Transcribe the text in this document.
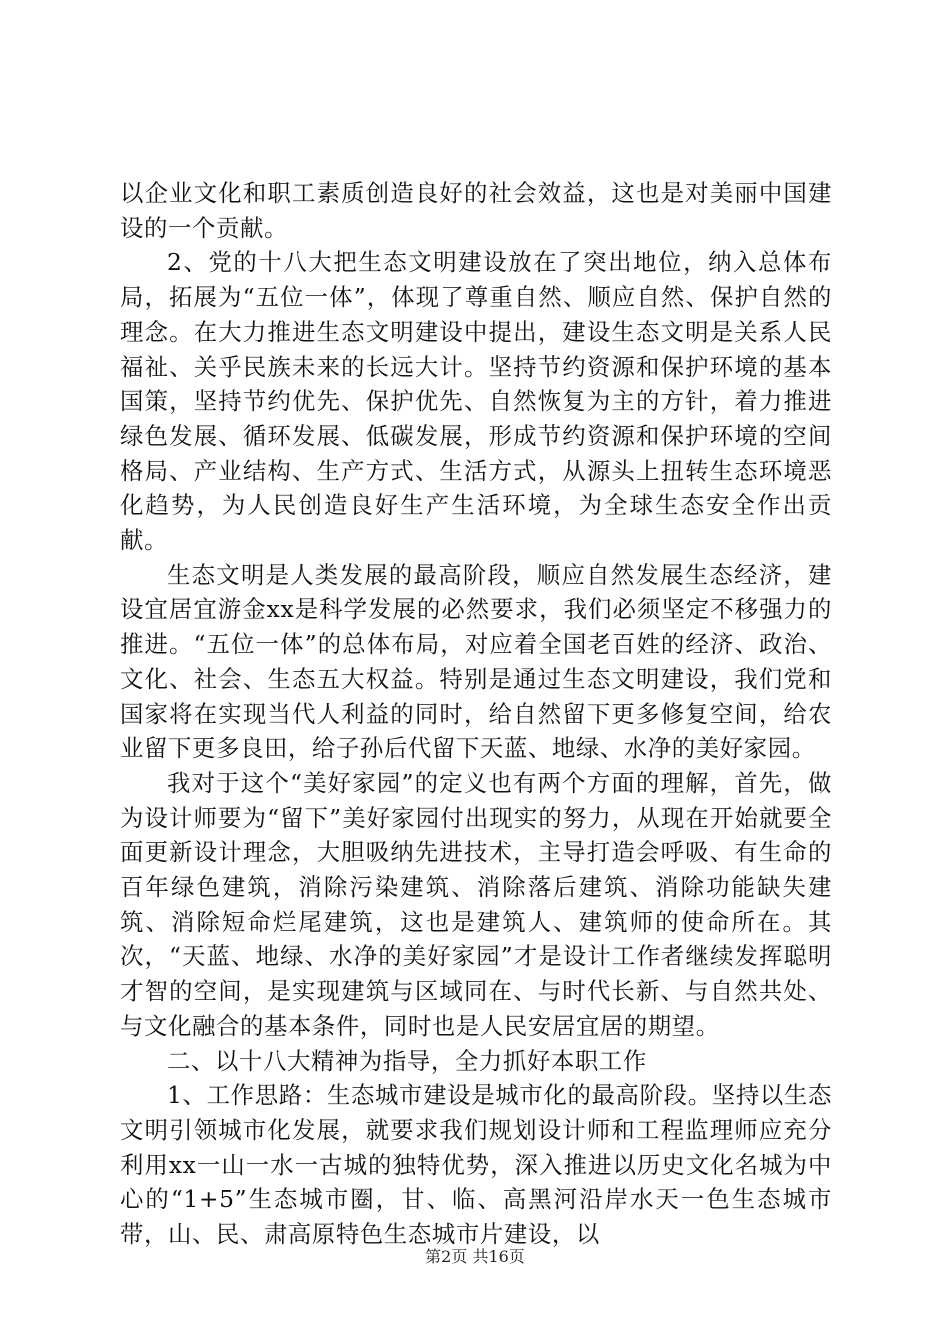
以企业文化和职工素质创造良好的社会效益，这也是对美丽中国建设的一个贡献。

2、党的十八大把生态文明建设放在了突出地位，纳入总体布局，拓展为“五位一体”，体现了尊重自然、顺应自然、保护自然的理念。在大力推进生态文明建设中提出，建设生态文明是关系人民福祉、关乎民族未来的长远大计。坚持节约资源和保护环境的基本国策，坚持节约优先、保护优先、自然恢复为主的方针，着力推进绿色发展、循环发展、低碳发展，形成节约资源和保护环境的空间格局、产业结构、生产方式、生活方式，从源头上扭转生态环境恶化趋势，为人民创造良好生产生活环境，为全球生态安全作出贡献。

生态文明是人类发展的最高阶段，顺应自然发展生态经济，建设宜居宜游金xx是科学发展的必然要求，我们必须坚定不移强力的推进。“五位一体”的总体布局，对应着全国老百姓的经济、政治、文化、社会、生态五大权益。特别是通过生态文明建设，我们党和国家将在实现当代人利益的同时，给自然留下更多修复空间，给农业留下更多良田，给子孙后代留下天蓝、地绿、水净的美好家园。

我对于这个“美好家园”的定义也有两个方面的理解，首先，做为设计师要为“留下”美好家园付出现实的努力，从现在开始就要全面更新设计理念，大胆吸纳先进技术，主导打造会呼吸、有生命的百年绿色建筑，消除污染建筑、消除落后建筑、消除功能缺失建筑、消除短命烂尾建筑，这也是建筑人、建筑师的使命所在。其次，“天蓝、地绿、水净的美好家园”才是设计工作者继续发挥聪明才智的空间，是实现建筑与区域同在、与时代长新、与自然共处、与文化融合的基本条件，同时也是人民安居宜居的期望。

二、以十八大精神为指导，全力抓好本职工作

1、工作思路：生态城市建设是城市化的最高阶段。坚持以生态文明引领城市化发展，就要求我们规划设计师和工程监理师应充分利用xx一山一水一古城的独特优势，深入推进以历史文化名城为中心的“1+5”生态城市圈，甘、临、高黑河沿岸水天一色生态城市带，山、民、肃高原特色生态城市片建设，以

第2页 共16页
